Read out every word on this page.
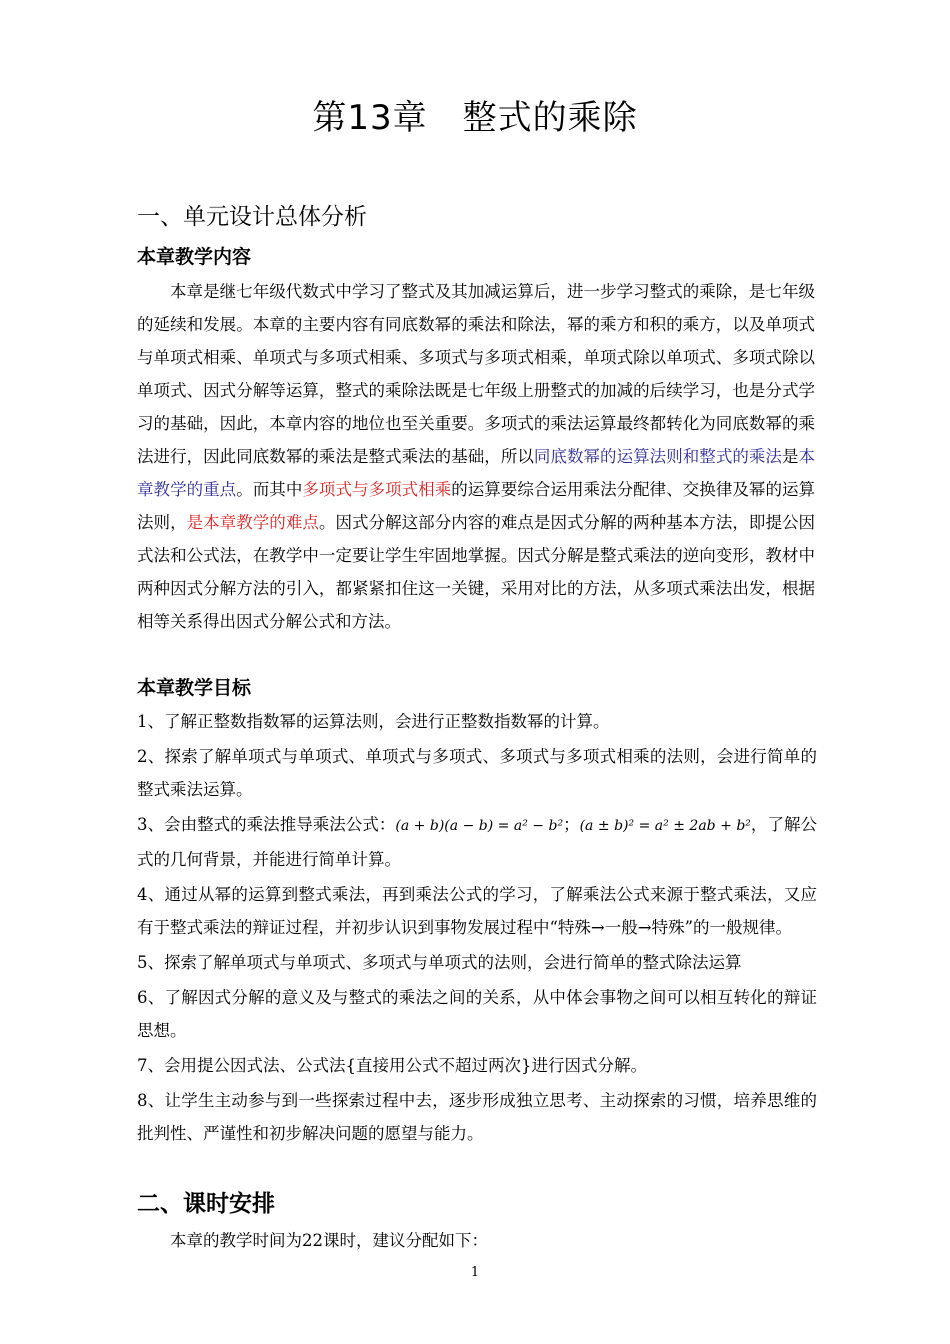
第13章　整式的乘除
一、单元设计总体分析
本章教学内容

本章是继七年级代数式中学习了整式及其加减运算后，进一步学习整式的乘除，是七年级的延续和发展。本章的主要内容有同底数幂的乘法和除法，幂的乘方和积的乘方，以及单项式与单项式相乘、单项式与多项式相乘、多项式与多项式相乘，单项式除以单项式、多项式除以单项式、因式分解等运算，整式的乘除法既是七年级上册整式的加减的后续学习，也是分式学习的基础，因此，本章内容的地位也至关重要。多项式的乘法运算最终都转化为同底数幂的乘法进行，因此同底数幂的乘法是整式乘法的基础，所以同底数幂的运算法则和整式的乘法是本章教学的重点。而其中多项式与多项式相乘的运算要综合运用乘法分配律、交换律及幂的运算法则，是本章教学的难点。因式分解这部分内容的难点是因式分解的两种基本方法，即提公因式法和公式法，在教学中一定要让学生牢固地掌握。因式分解是整式乘法的逆向变形，教材中两种因式分解方法的引入，都紧紧扣住这一关键，采用对比的方法，从多项式乘法出发，根据相等关系得出因式分解公式和方法。

本章教学目标
1、了解正整数指数幂的运算法则，会进行正整数指数幂的计算。
2、探索了解单项式与单项式、单项式与多项式、多项式与多项式相乘的法则，会进行简单的整式乘法运算。
3、会由整式的乘法推导乘法公式：(a + b)(a − b) = a² − b²；(a ± b)² = a² ± 2ab + b²，了解公式的几何背景，并能进行简单计算。
4、通过从幂的运算到整式乘法，再到乘法公式的学习，了解乘法公式来源于整式乘法，又应有于整式乘法的辩证过程，并初步认识到事物发展过程中“特殊→一般→特殊”的一般规律。
5、探索了解单项式与单项式、多项式与单项式的法则，会进行简单的整式除法运算
6、了解因式分解的意义及与整式的乘法之间的关系，从中体会事物之间可以相互转化的辩证思想。
7、会用提公因式法、公式法{直接用公式不超过两次}进行因式分解。
8、让学生主动参与到一些探索过程中去，逐步形成独立思考、主动探索的习惯，培养思维的批判性、严谨性和初步解决问题的愿望与能力。
二、课时安排

本章的教学时间为22课时，建议分配如下：

1
